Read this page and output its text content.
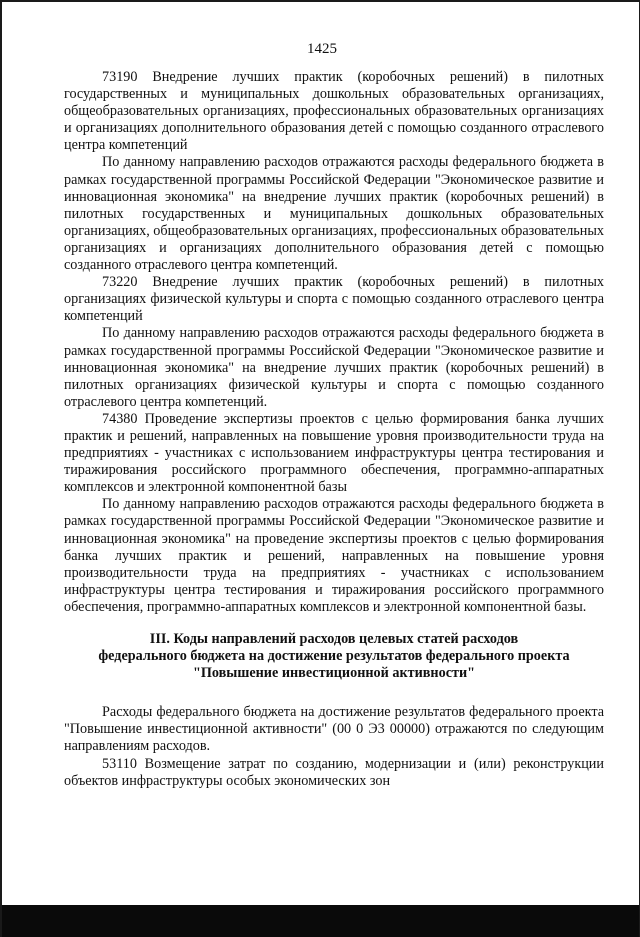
1425

73190 Внедрение лучших практик (коробочных решений) в пилотных государственных и муниципальных дошкольных образовательных организациях, общеобразовательных организациях, профессиональных образовательных организациях и организациях дополнительного образования детей с помощью созданного отраслевого центра компетенций

По данному направлению расходов отражаются расходы федерального бюджета в рамках государственной программы Российской Федерации "Экономическое развитие и инновационная экономика" на внедрение лучших практик (коробочных решений) в пилотных государственных и муниципальных дошкольных образовательных организациях, общеобразовательных организациях, профессиональных образовательных организациях и организациях дополнительного образования детей с помощью созданного отраслевого центра компетенций.

73220 Внедрение лучших практик (коробочных решений) в пилотных организациях физической культуры и спорта с помощью созданного отраслевого центра компетенций

По данному направлению расходов отражаются расходы федерального бюджета в рамках государственной программы Российской Федерации "Экономическое развитие и инновационная экономика" на внедрение лучших практик (коробочных решений) в пилотных организациях физической культуры и спорта с помощью созданного отраслевого центра компетенций.

74380 Проведение экспертизы проектов с целью формирования банка лучших практик и решений, направленных на повышение уровня производительности труда на предприятиях - участниках с использованием инфраструктуры центра тестирования и тиражирования российского программного обеспечения, программно-аппаратных комплексов и электронной компонентной базы

По данному направлению расходов отражаются расходы федерального бюджета в рамках государственной программы Российской Федерации "Экономическое развитие и инновационная экономика" на проведение экспертизы проектов с целью формирования банка лучших практик и решений, направленных на повышение уровня производительности труда на предприятиях - участниках с использованием инфраструктуры центра тестирования и тиражирования российского программного обеспечения, программно-аппаратных комплексов и электронной компонентной базы.

III. Коды направлений расходов целевых статей расходов

федерального бюджета на достижение результатов федерального проекта

"Повышение инвестиционной активности"

Расходы федерального бюджета на достижение результатов федерального проекта "Повышение инвестиционной активности" (00 0 Э3 00000) отражаются по следующим направлениям расходов.

53110 Возмещение затрат по созданию, модернизации и (или) реконструкции объектов инфраструктуры особых экономических зон
